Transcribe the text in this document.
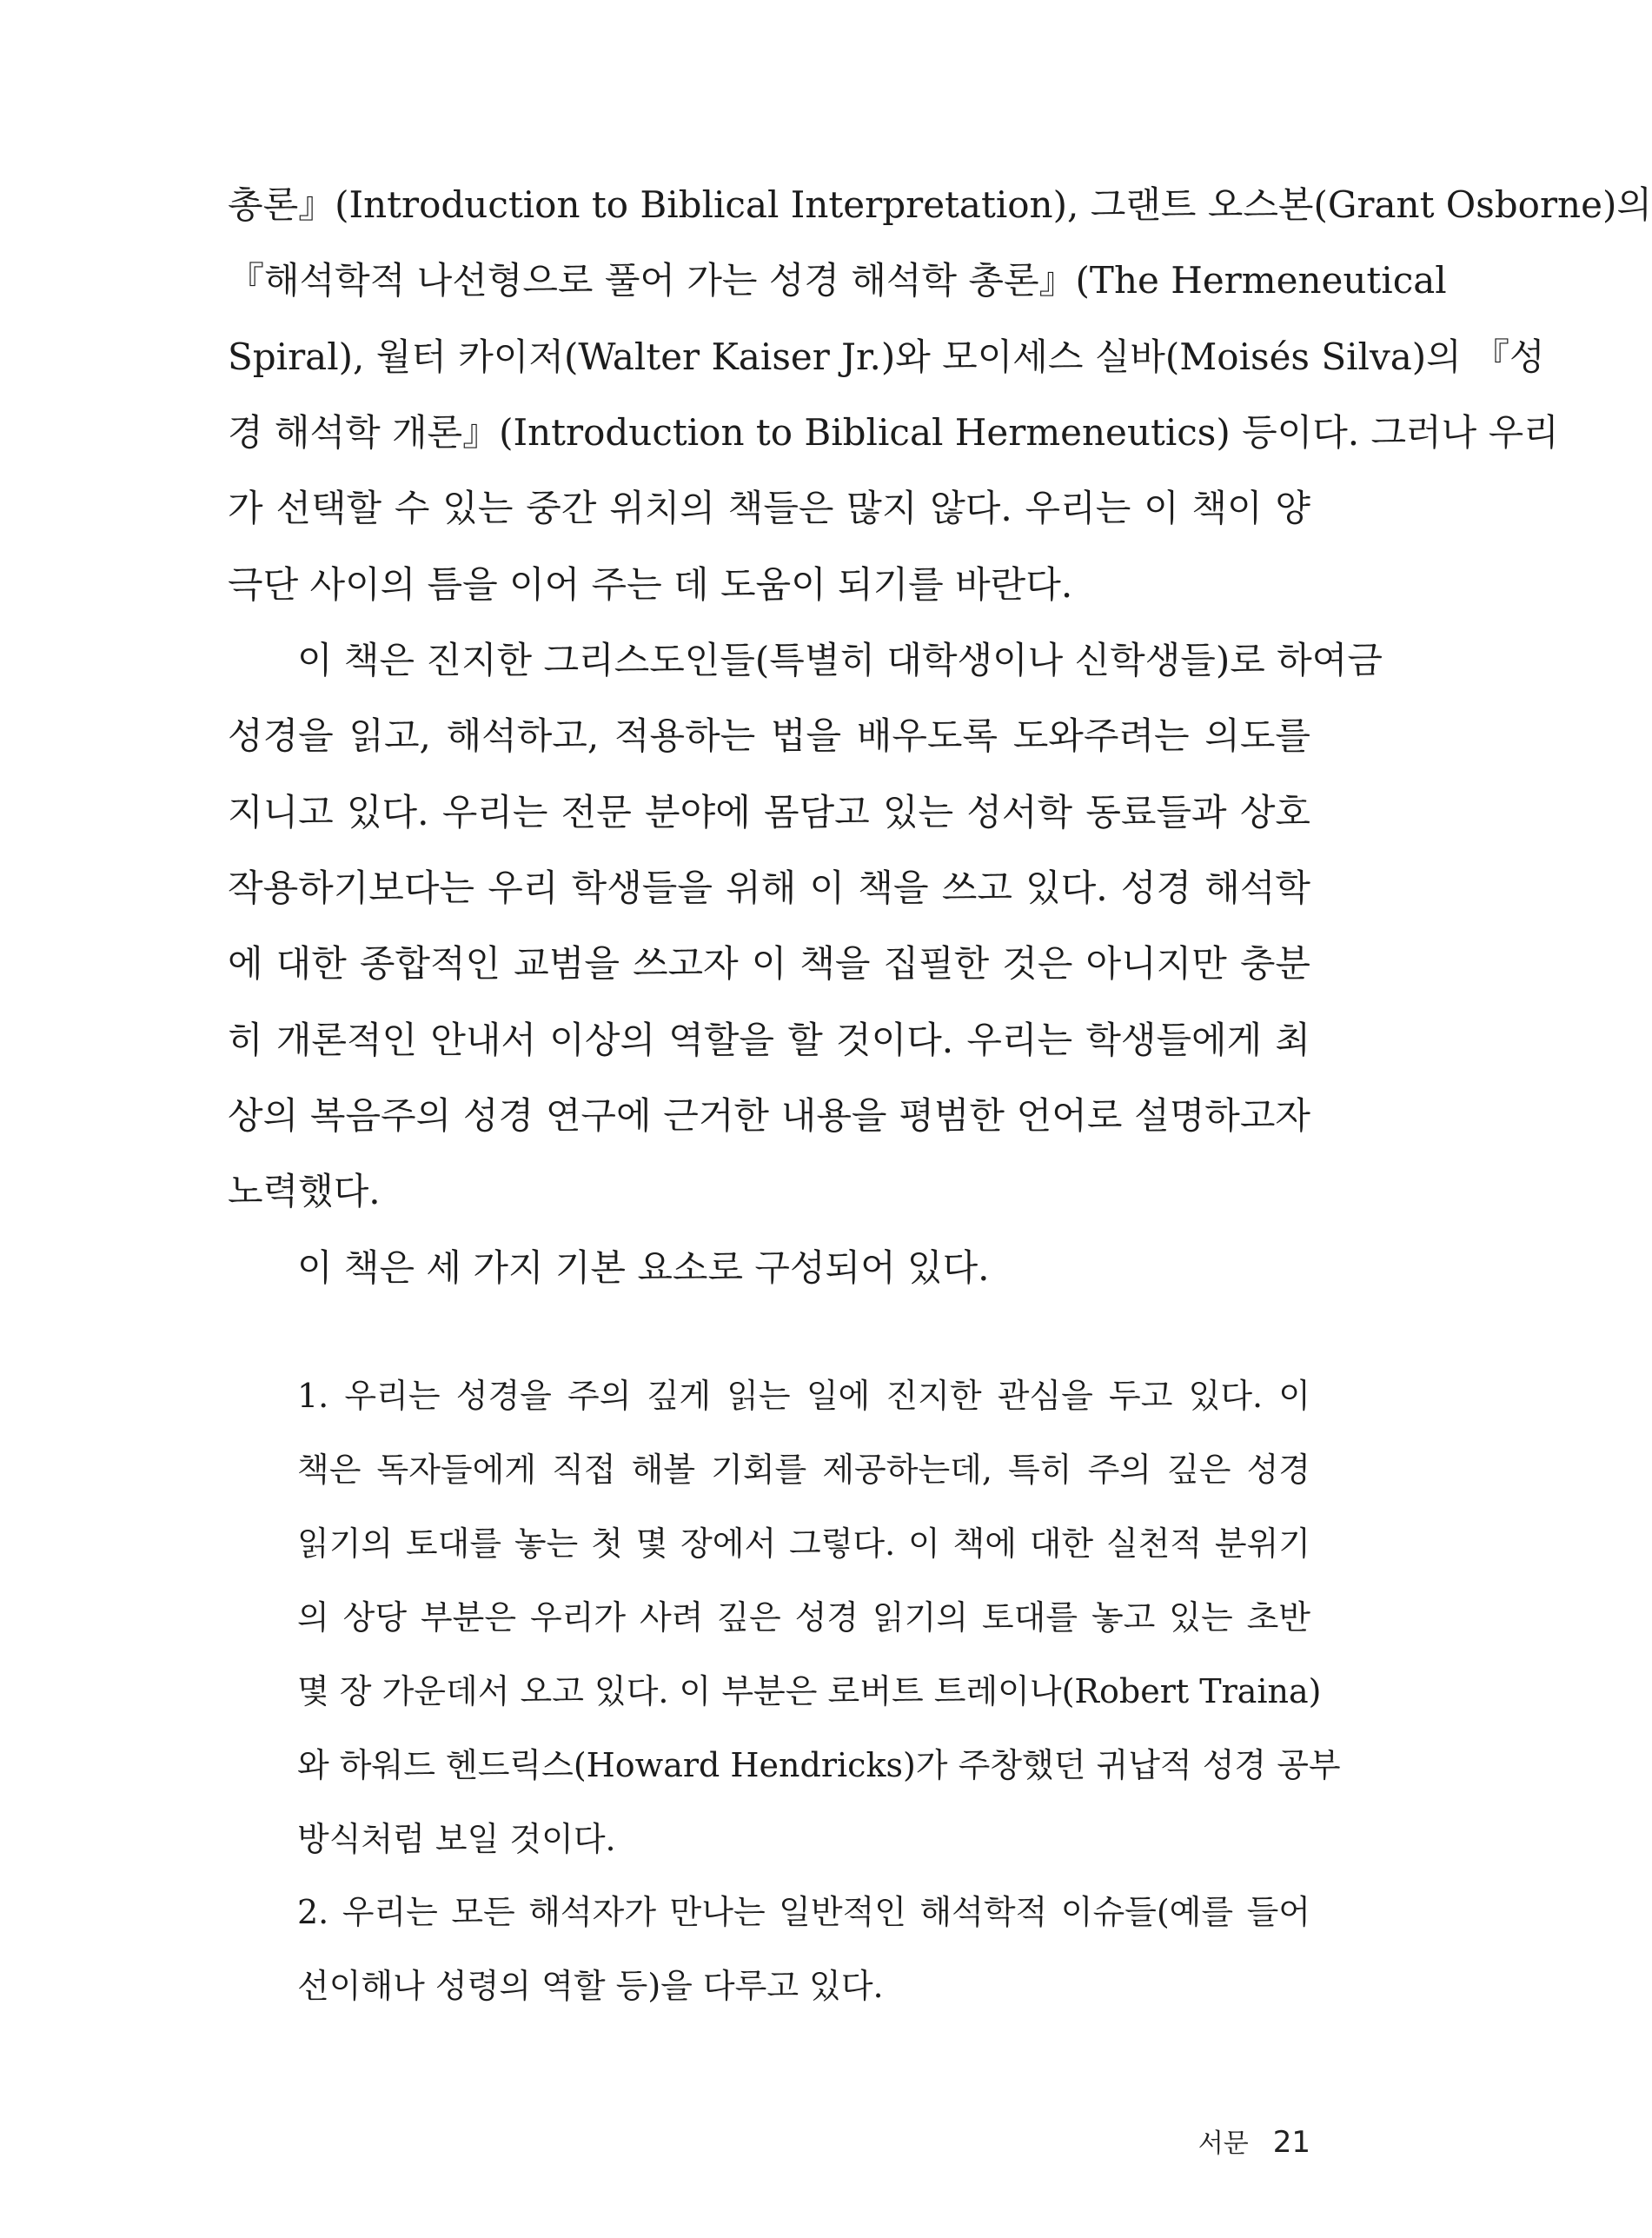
총론』(Introduction to Biblical Interpretation), 그랜트 오스본(Grant Osborne)의
『해석학적 나선형으로 풀어 가는 성경 해석학 총론』(The Hermeneutical
Spiral), 월터 카이저(Walter Kaiser Jr.)와 모이세스 실바(Moisés Silva)의 『성
경 해석학 개론』(Introduction to Biblical Hermeneutics) 등이다. 그러나 우리
가 선택할 수 있는 중간 위치의 책들은 많지 않다. 우리는 이 책이 양
극단 사이의 틈을 이어 주는 데 도움이 되기를 바란다.
이 책은 진지한 그리스도인들(특별히 대학생이나 신학생들)로 하여금
성경을 읽고, 해석하고, 적용하는 법을 배우도록 도와주려는 의도를
지니고 있다. 우리는 전문 분야에 몸담고 있는 성서학 동료들과 상호
작용하기보다는 우리 학생들을 위해 이 책을 쓰고 있다. 성경 해석학
에 대한 종합적인 교범을 쓰고자 이 책을 집필한 것은 아니지만 충분
히 개론적인 안내서 이상의 역할을 할 것이다. 우리는 학생들에게 최
상의 복음주의 성경 연구에 근거한 내용을 평범한 언어로 설명하고자
노력했다.
이 책은 세 가지 기본 요소로 구성되어 있다.
1. 우리는 성경을 주의 깊게 읽는 일에 진지한 관심을 두고 있다. 이
책은 독자들에게 직접 해볼 기회를 제공하는데, 특히 주의 깊은 성경
읽기의 토대를 놓는 첫 몇 장에서 그렇다. 이 책에 대한 실천적 분위기
의 상당 부분은 우리가 사려 깊은 성경 읽기의 토대를 놓고 있는 초반
몇 장 가운데서 오고 있다. 이 부분은 로버트 트레이나(Robert Traina)
와 하워드 헨드릭스(Howard Hendricks)가 주창했던 귀납적 성경 공부
방식처럼 보일 것이다.
2. 우리는 모든 해석자가 만나는 일반적인 해석학적 이슈들(예를 들어
선이해나 성령의 역할 등)을 다루고 있다.
서문 21
